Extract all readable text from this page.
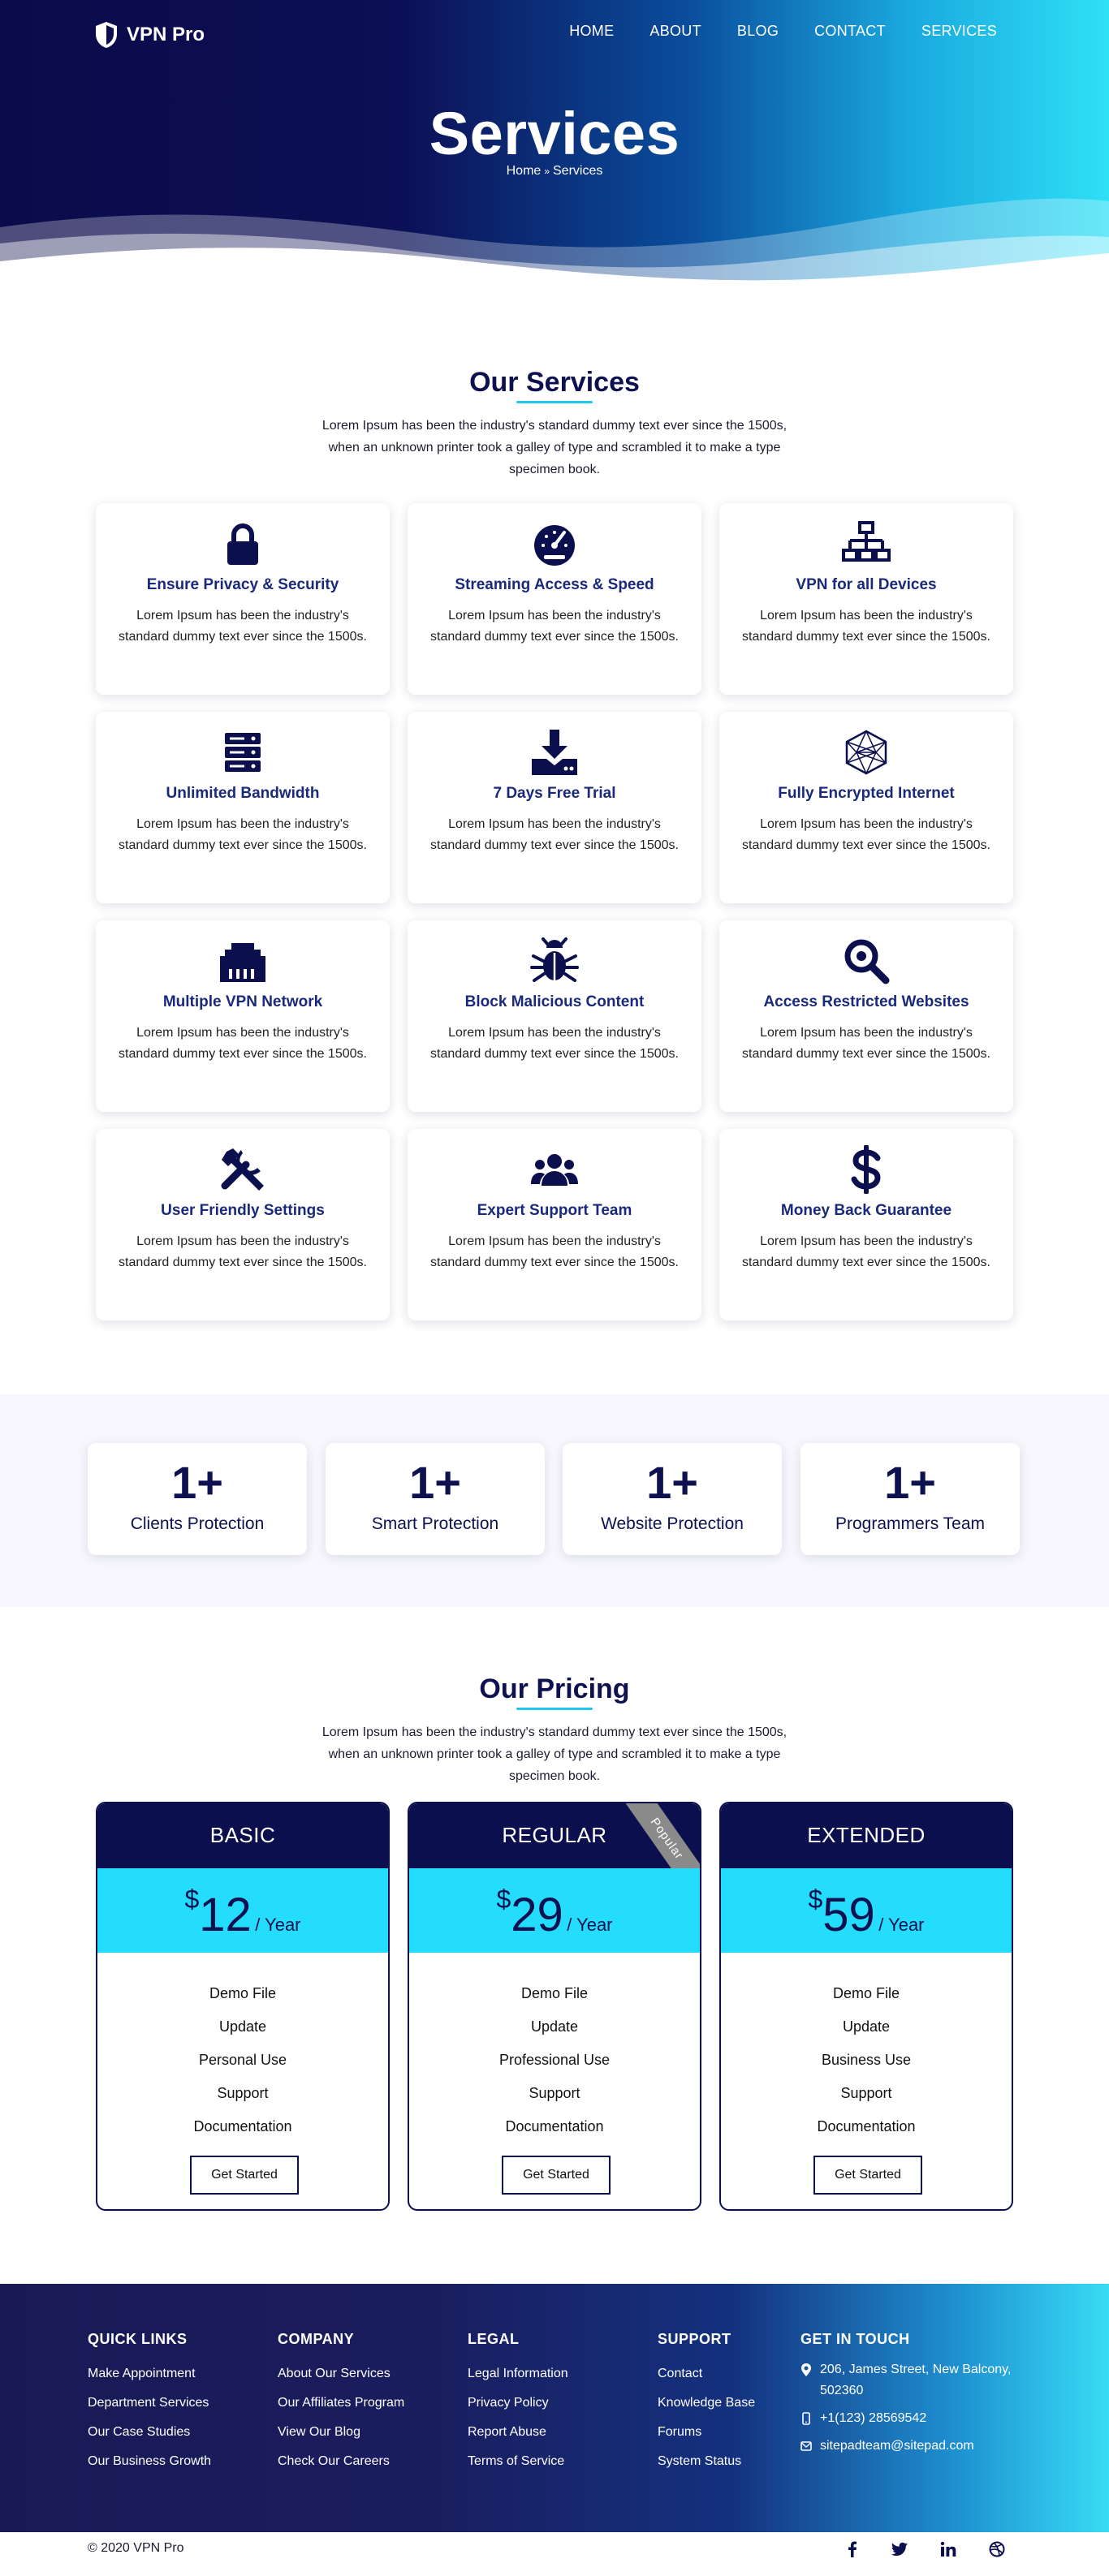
VPN Pro	HOME ABOUT BLOG CONTACT SERVICES
Services
Home » Services
Our Services

Lorem Ipsum has been the industry's standard dummy text ever since the 1500s, when an unknown printer took a galley of type and scrambled it to make a type specimen book.

Ensure Privacy & Security

Lorem Ipsum has been the industry's standard dummy text ever since the 1500s.

Streaming Access & Speed

Lorem Ipsum has been the industry's standard dummy text ever since the 1500s.

VPN for all Devices

Lorem Ipsum has been the industry's standard dummy text ever since the 1500s.

Unlimited Bandwidth

Lorem Ipsum has been the industry's standard dummy text ever since the 1500s.

7 Days Free Trial

Lorem Ipsum has been the industry's standard dummy text ever since the 1500s.

Fully Encrypted Internet

Lorem Ipsum has been the industry's standard dummy text ever since the 1500s.

Multiple VPN Network

Lorem Ipsum has been the industry's standard dummy text ever since the 1500s.

Block Malicious Content

Lorem Ipsum has been the industry's standard dummy text ever since the 1500s.

Access Restricted Websites

Lorem Ipsum has been the industry's standard dummy text ever since the 1500s.

User Friendly Settings

Lorem Ipsum has been the industry's standard dummy text ever since the 1500s.

Expert Support Team

Lorem Ipsum has been the industry's standard dummy text ever since the 1500s.

Money Back Guarantee

Lorem Ipsum has been the industry's standard dummy text ever since the 1500s.

1+
Clients Protection
1+
Smart Protection
1+
Website Protection
1+
Programmers Team
Our Pricing

Lorem Ipsum has been the industry's standard dummy text ever since the 1500s, when an unknown printer took a galley of type and scrambled it to make a type specimen book.

BASIC
$12 / Year
Demo File
Update
Personal Use
Support
Documentation
Get Started
REGULAR	Popular
$29 / Year
Demo File
Update
Professional Use
Support
Documentation
Get Started
EXTENDED
$59 / Year
Demo File
Update
Business Use
Support
Documentation
Get Started
QUICK LINKS
Make Appointment
Department Services
Our Case Studies
Our Business Growth
COMPANY
About Our Services
Our Affiliates Program
View Our Blog
Check Our Careers
LEGAL
Legal Information
Privacy Policy
Report Abuse
Terms of Service
SUPPORT
Contact
Knowledge Base
Forums
System Status
GET IN TOUCH
206, James Street, New Balcony, 502360
+1(123) 28569542
sitepadteam@sitepad.com
© 2020 VPN Pro
